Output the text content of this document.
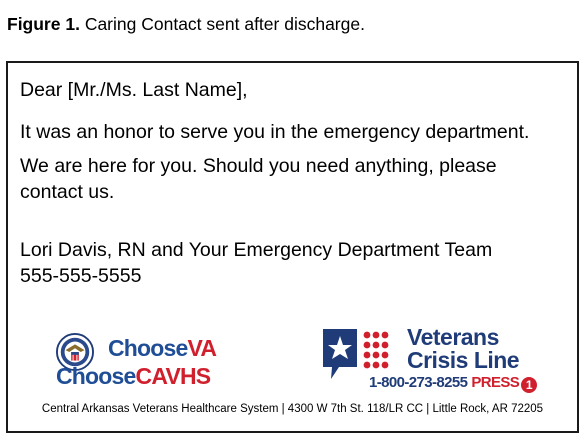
Figure 1. Caring Contact sent after discharge.
Dear [Mr./Ms. Last Name],
It was an honor to serve you in the emergency department.
We are here for you. Should you need anything, please
contact us.
Lori Davis, RN and Your Emergency Department Team
555-555-5555
ChooseVA
ChooseCAVHS
Veterans
Crisis Line
1-800-273-8255 PRESS 1
Central Arkansas Veterans Healthcare System | 4300 W 7th St. 118/LR CC | Little Rock, AR 72205
